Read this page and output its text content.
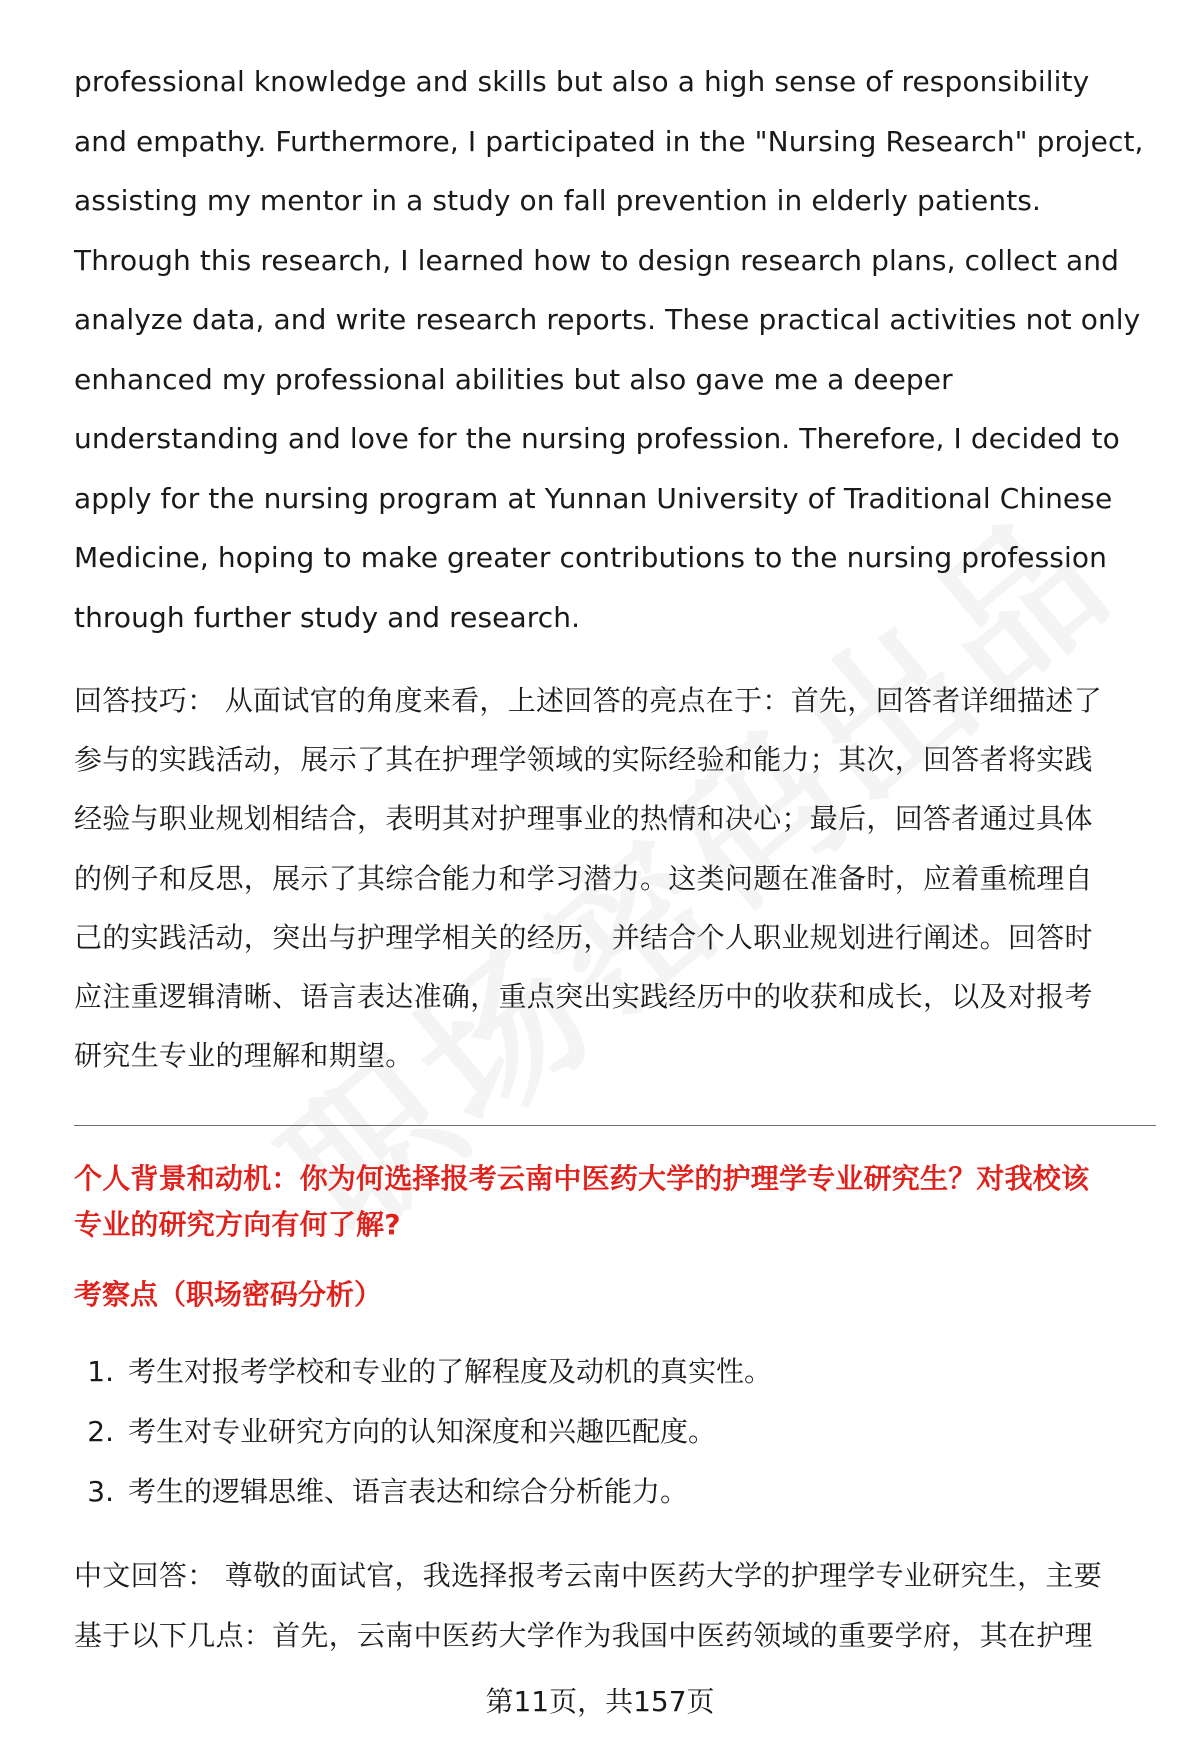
professional knowledge and skills but also a high sense of responsibility
and empathy. Furthermore, I participated in the "Nursing Research" project,
assisting my mentor in a study on fall prevention in elderly patients.
Through this research, I learned how to design research plans, collect and
analyze data, and write research reports. These practical activities not only
enhanced my professional abilities but also gave me a deeper
understanding and love for the nursing profession. Therefore, I decided to
apply for the nursing program at Yunnan University of Traditional Chinese
Medicine, hoping to make greater contributions to the nursing profession
through further study and research.
回答技巧： 从面试官的角度来看，上述回答的亮点在于：首先，回答者详细描述了
参与的实践活动，展示了其在护理学领域的实际经验和能力；其次，回答者将实践
经验与职业规划相结合，表明其对护理事业的热情和决心；最后，回答者通过具体
的例子和反思，展示了其综合能力和学习潜力。这类问题在准备时，应着重梳理自
己的实践活动，突出与护理学相关的经历，并结合个人职业规划进行阐述。回答时
应注重逻辑清晰、语言表达准确，重点突出实践经历中的收获和成长，以及对报考
研究生专业的理解和期望。
个人背景和动机：你为何选择报考云南中医药大学的护理学专业研究生？对我校该
专业的研究方向有何了解?
考察点（职场密码分析）
1. 考生对报考学校和专业的了解程度及动机的真实性。
2. 考生对专业研究方向的认知深度和兴趣匹配度。
3. 考生的逻辑思维、语言表达和综合分析能力。
中文回答： 尊敬的面试官，我选择报考云南中医药大学的护理学专业研究生，主要
基于以下几点：首先，云南中医药大学作为我国中医药领域的重要学府，其在护理
第11页，共157页
